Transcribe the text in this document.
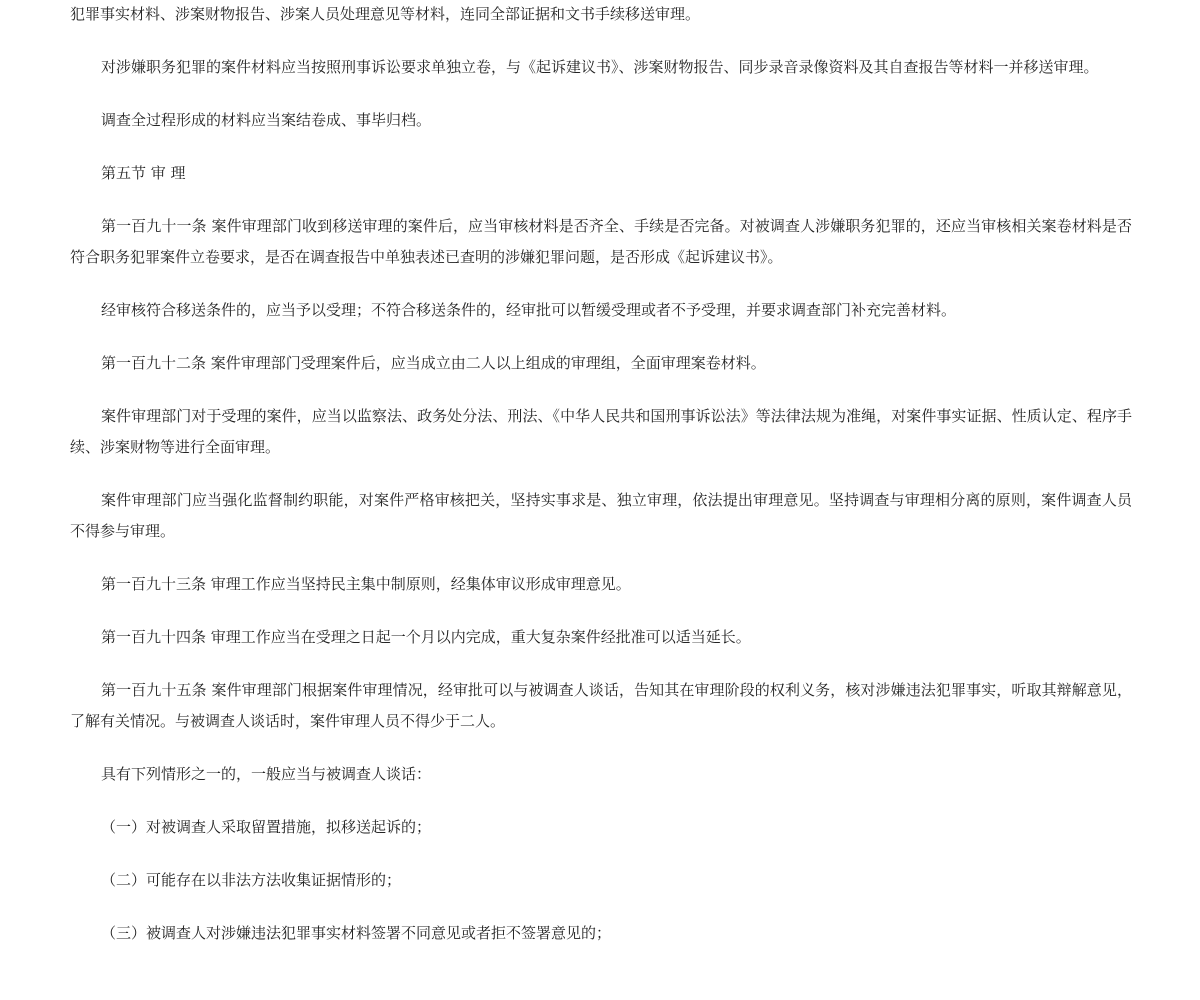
犯罪事实材料、涉案财物报告、涉案人员处理意见等材料，连同全部证据和文书手续移送审理。

对涉嫌职务犯罪的案件材料应当按照刑事诉讼要求单独立卷，与《起诉建议书》、涉案财物报告、同步录音录像资料及其自查报告等材料一并移送审理。

调查全过程形成的材料应当案结卷成、事毕归档。

第五节 审 理

第一百九十一条 案件审理部门收到移送审理的案件后，应当审核材料是否齐全、手续是否完备。对被调查人涉嫌职务犯罪的，还应当审核相关案卷材料是否符合职务犯罪案件立卷要求，是否在调查报告中单独表述已查明的涉嫌犯罪问题，是否形成《起诉建议书》。

经审核符合移送条件的，应当予以受理；不符合移送条件的，经审批可以暂缓受理或者不予受理，并要求调查部门补充完善材料。

第一百九十二条 案件审理部门受理案件后，应当成立由二人以上组成的审理组，全面审理案卷材料。

案件审理部门对于受理的案件，应当以监察法、政务处分法、刑法、《中华人民共和国刑事诉讼法》等法律法规为准绳，对案件事实证据、性质认定、程序手续、涉案财物等进行全面审理。

案件审理部门应当强化监督制约职能，对案件严格审核把关，坚持实事求是、独立审理，依法提出审理意见。坚持调查与审理相分离的原则，案件调查人员不得参与审理。

第一百九十三条 审理工作应当坚持民主集中制原则，经集体审议形成审理意见。

第一百九十四条 审理工作应当在受理之日起一个月以内完成，重大复杂案件经批准可以适当延长。

第一百九十五条 案件审理部门根据案件审理情况，经审批可以与被调查人谈话，告知其在审理阶段的权利义务，核对涉嫌违法犯罪事实，听取其辩解意见，了解有关情况。与被调查人谈话时，案件审理人员不得少于二人。

具有下列情形之一的，一般应当与被调查人谈话：

（一）对被调查人采取留置措施，拟移送起诉的；

（二）可能存在以非法方法收集证据情形的；

（三）被调查人对涉嫌违法犯罪事实材料签署不同意见或者拒不签署意见的；
